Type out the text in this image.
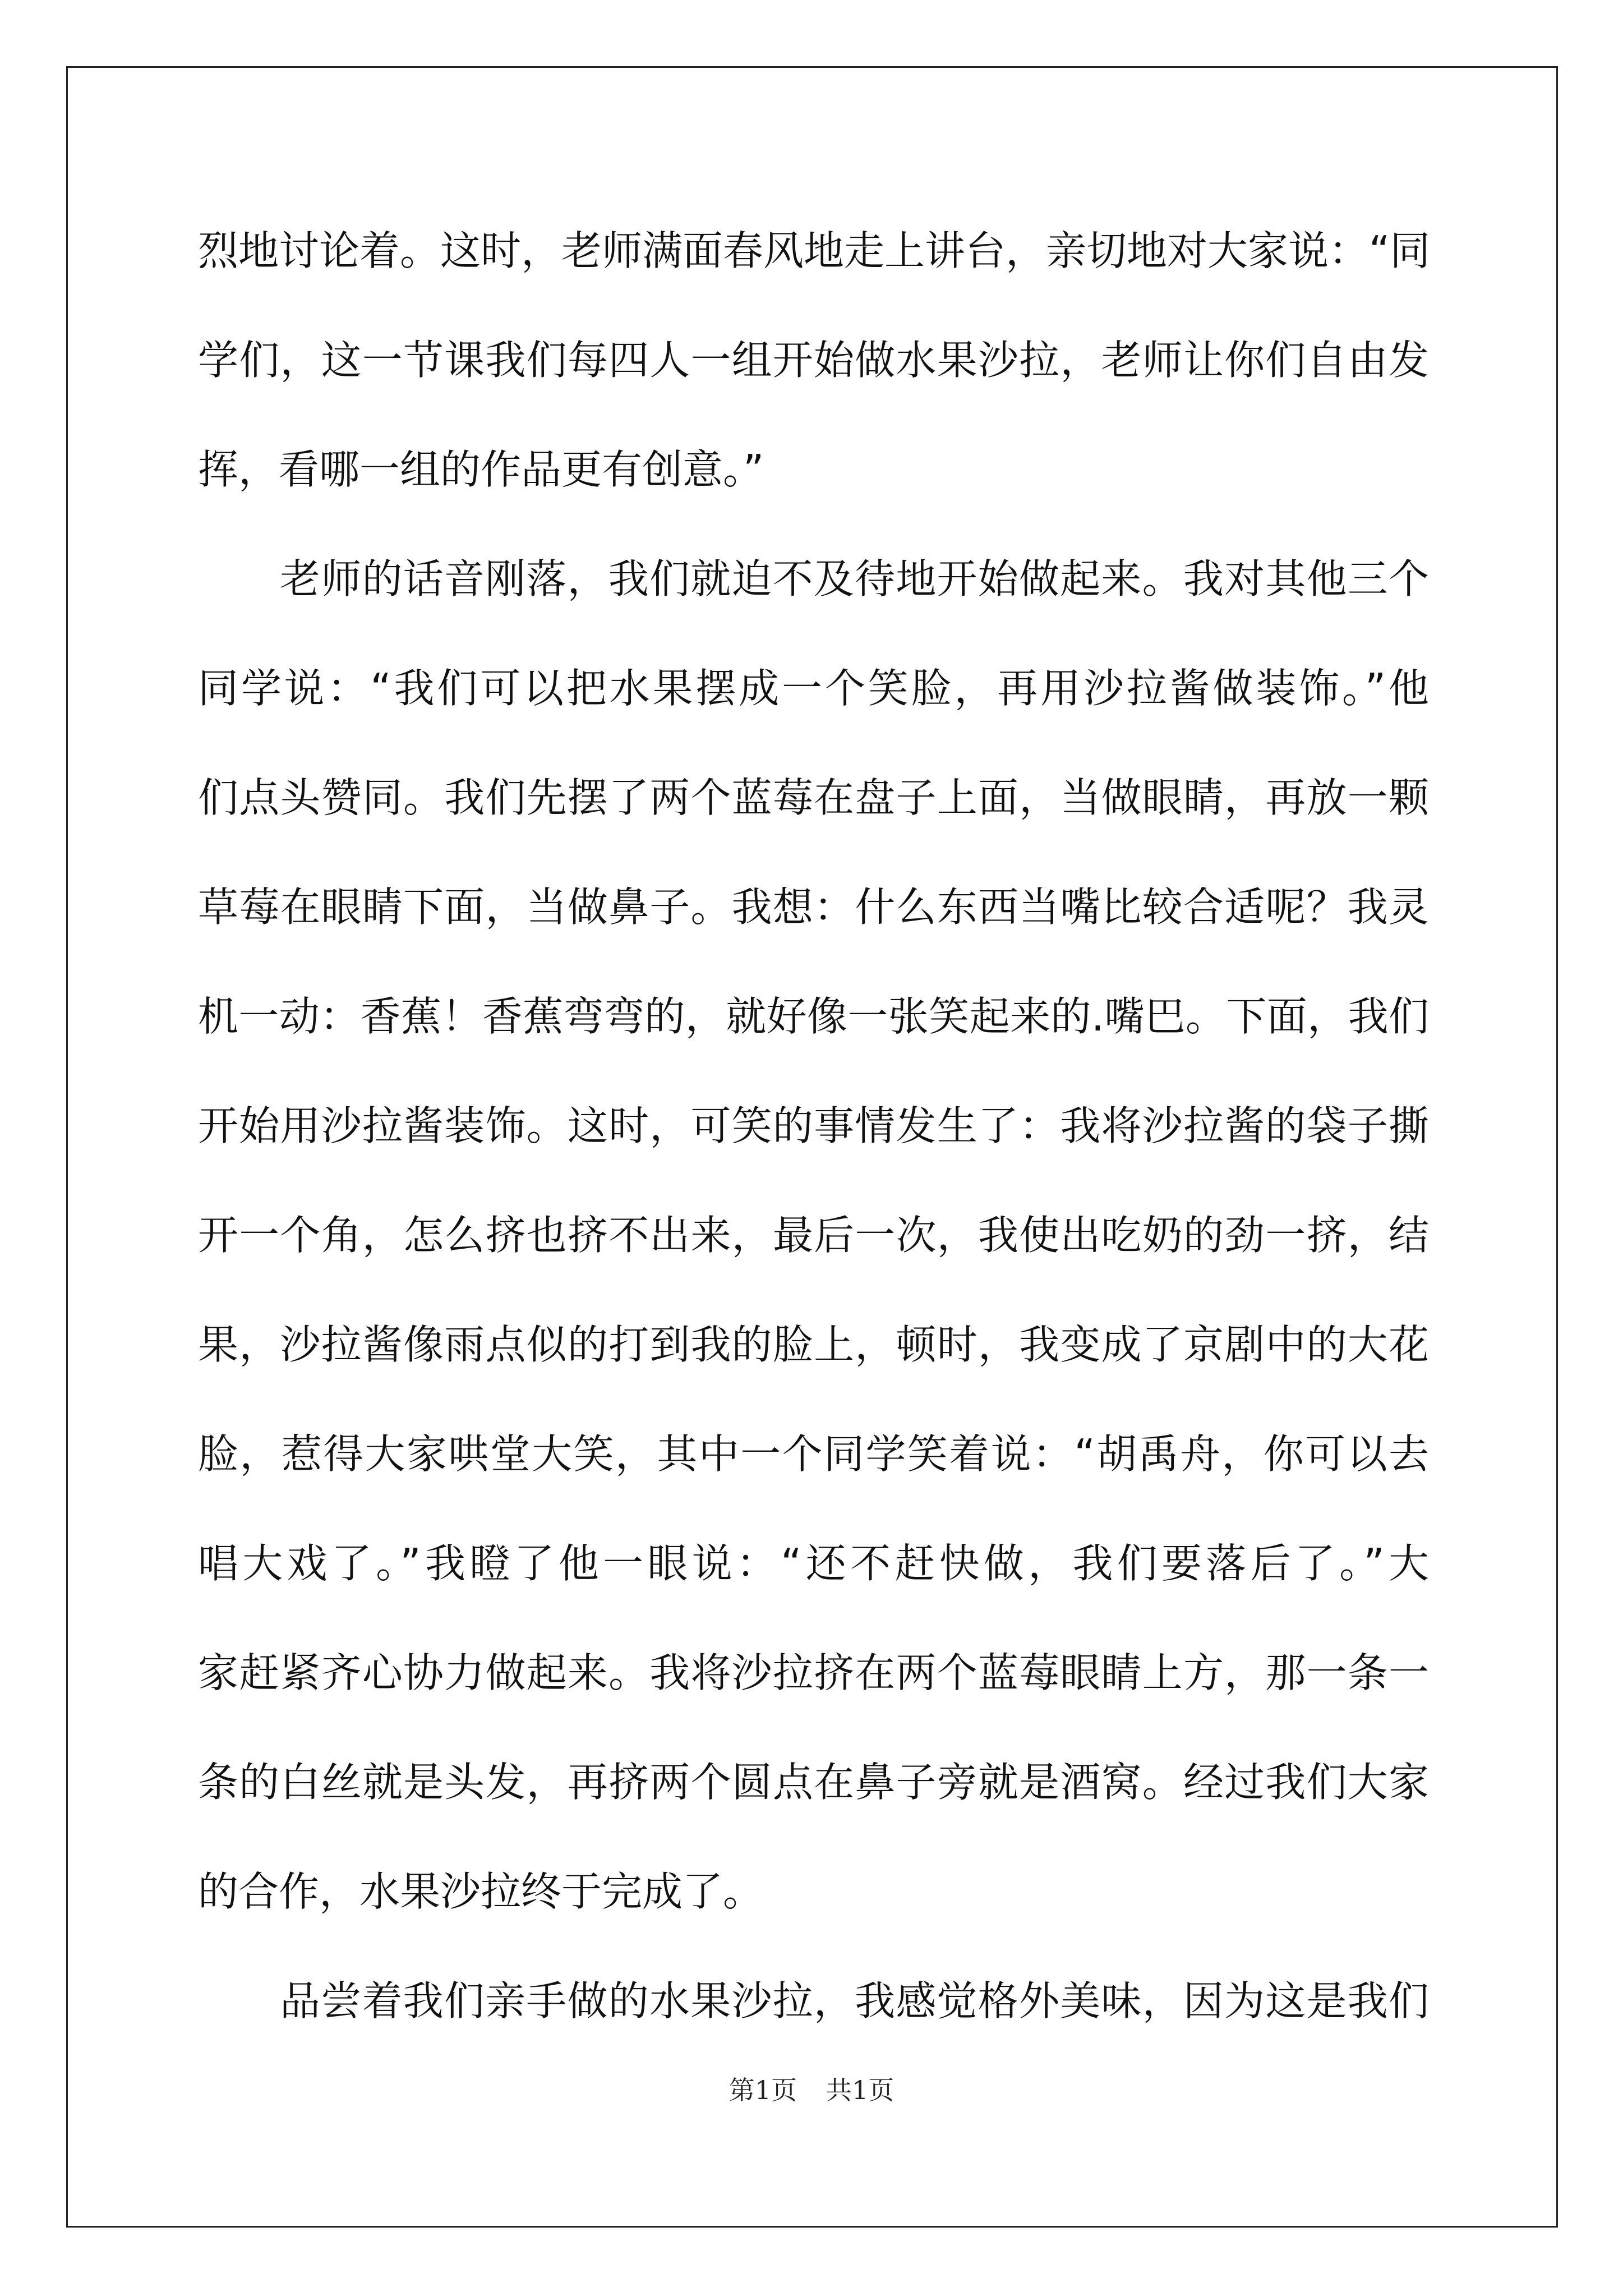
烈地讨论着。这时，老师满面春风地走上讲台，亲切地对大家说：“同
学们，这一节课我们每四人一组开始做水果沙拉，老师让你们自由发
挥，看哪一组的作品更有创意。”
老师的话音刚落，我们就迫不及待地开始做起来。我对其他三个
同学说：“我们可以把水果摆成一个笑脸，再用沙拉酱做装饰。”他
们点头赞同。我们先摆了两个蓝莓在盘子上面，当做眼睛，再放一颗
草莓在眼睛下面，当做鼻子。我想：什么东西当嘴比较合适呢？我灵
机一动：香蕉！香蕉弯弯的，就好像一张笑起来的.嘴巴。下面，我们
开始用沙拉酱装饰。这时，可笑的事情发生了：我将沙拉酱的袋子撕
开一个角，怎么挤也挤不出来，最后一次，我使出吃奶的劲一挤，结
果，沙拉酱像雨点似的打到我的脸上，顿时，我变成了京剧中的大花
脸，惹得大家哄堂大笑，其中一个同学笑着说：“胡禹舟，你可以去
唱大戏了。”我瞪了他一眼说：“还不赶快做，我们要落后了。”大
家赶紧齐心协力做起来。我将沙拉挤在两个蓝莓眼睛上方，那一条一
条的白丝就是头发，再挤两个圆点在鼻子旁就是酒窝。经过我们大家
的合作，水果沙拉终于完成了。
品尝着我们亲手做的水果沙拉，我感觉格外美味，因为这是我们
第1页 共1页
